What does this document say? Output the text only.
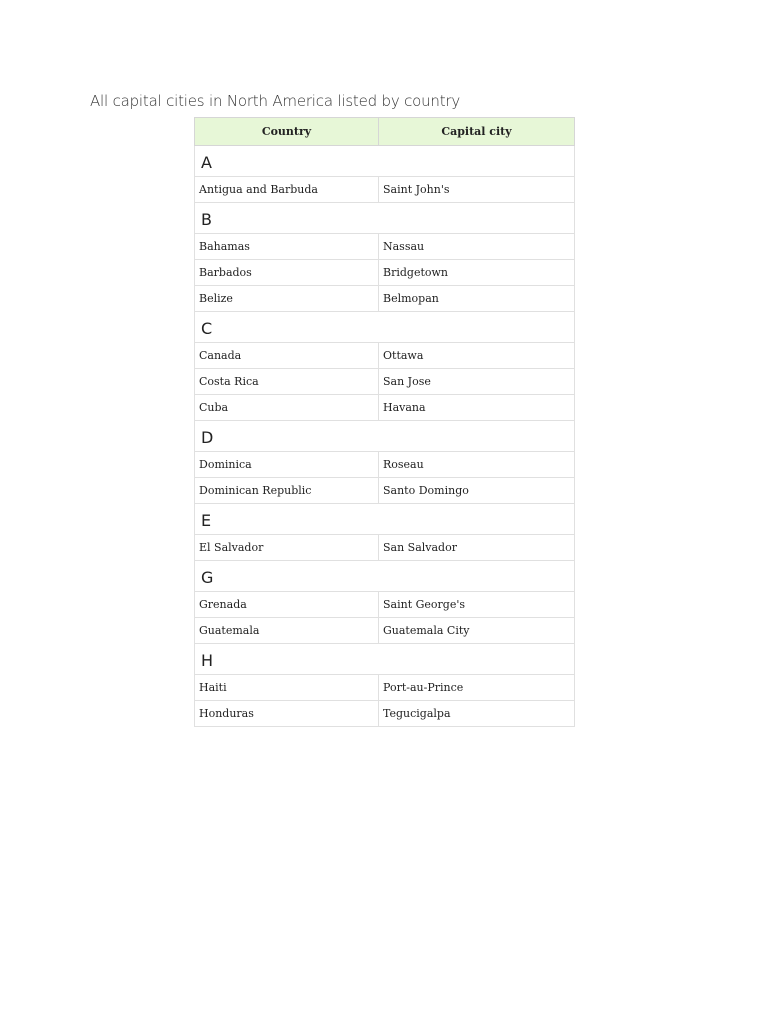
All capital cities in North America listed by country
Country	Capital city
A	
Antigua and Barbuda	Saint John's
B	
Bahamas	Nassau
Barbados	Bridgetown
Belize	Belmopan
C	
Canada	Ottawa
Costa Rica	San Jose
Cuba	Havana
D	
Dominica	Roseau
Dominican Republic	Santo Domingo
E	
El Salvador	San Salvador
G	
Grenada	Saint George's
Guatemala	Guatemala City
H	
Haiti	Port-au-Prince
Honduras	Tegucigalpa
